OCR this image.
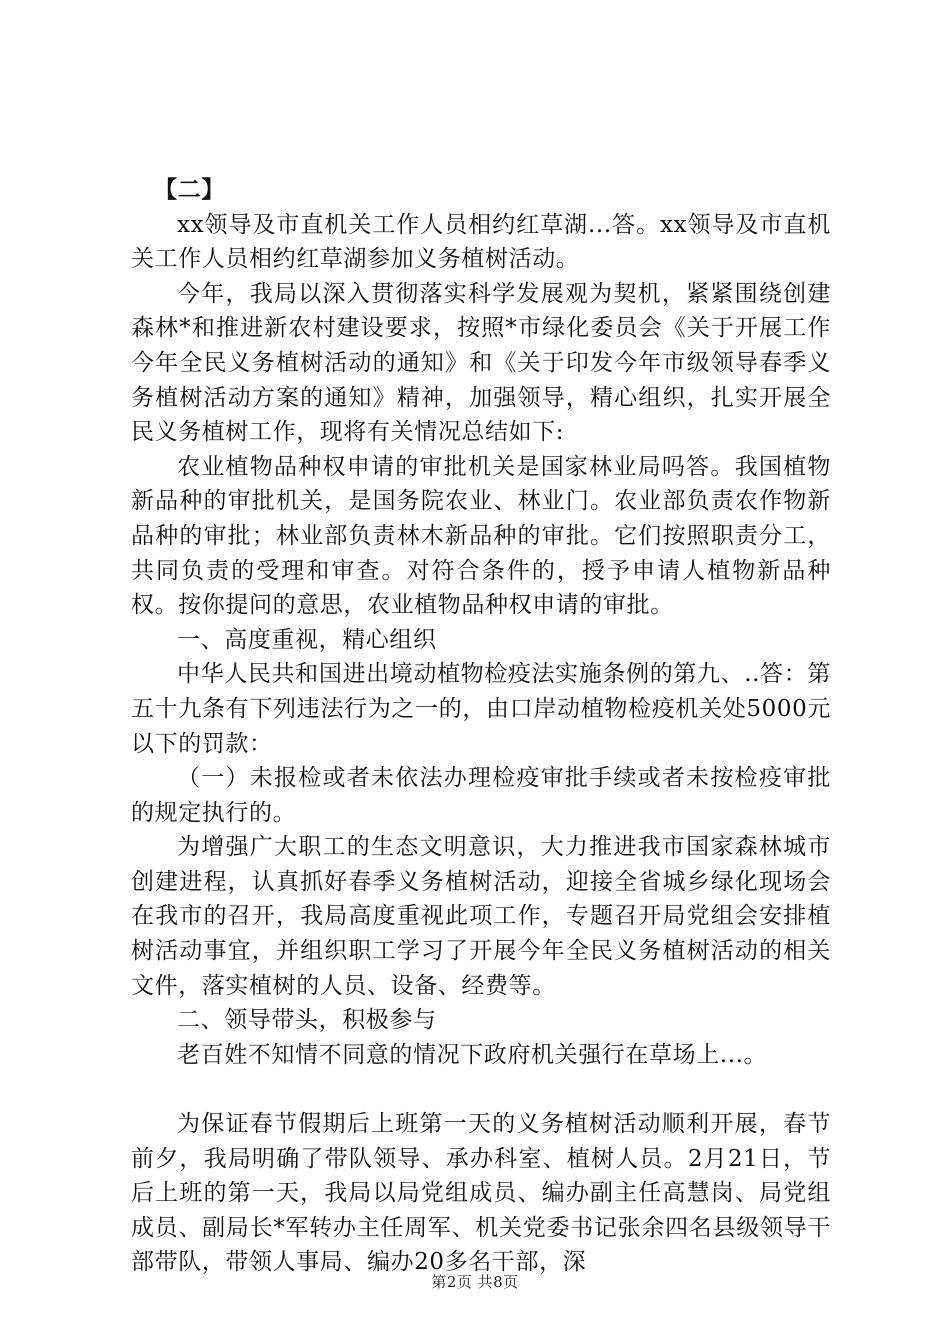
【二】

xx领导及市直机关工作人员相约红草湖...答。xx领导及市直机关工作人员相约红草湖参加义务植树活动。

今年，我局以深入贯彻落实科学发展观为契机，紧紧围绕创建森林*和推进新农村建设要求，按照*市绿化委员会《关于开展工作今年全民义务植树活动的通知》和《关于印发今年市级领导春季义务植树活动方案的通知》精神，加强领导，精心组织，扎实开展全民义务植树工作，现将有关情况总结如下:

农业植物品种权申请的审批机关是国家林业局吗答。我国植物新品种的审批机关，是国务院农业、林业门。农业部负责农作物新品种的审批；林业部负责林木新品种的审批。它们按照职责分工，共同负责的受理和审查。对符合条件的，授予申请人植物新品种权。按你提问的意思，农业植物品种权申请的审批。

一、高度重视，精心组织

中华人民共和国进出境动植物检疫法实施条例的第九、..答：第五十九条有下列违法行为之一的，由口岸动植物检疫机关处5000元以下的罚款：

（一）未报检或者未依法办理检疫审批手续或者未按检疫审批的规定执行的。

为增强广大职工的生态文明意识，大力推进我市国家森林城市创建进程，认真抓好春季义务植树活动，迎接全省城乡绿化现场会在我市的召开，我局高度重视此项工作，专题召开局党组会安排植树活动事宜，并组织职工学习了开展今年全民义务植树活动的相关文件，落实植树的人员、设备、经费等。

二、领导带头，积极参与

老百姓不知情不同意的情况下政府机关强行在草场上...。

为保证春节假期后上班第一天的义务植树活动顺利开展，春节前夕，我局明确了带队领导、承办科室、植树人员。2月21日，节后上班的第一天，我局以局党组成员、编办副主任高慧岗、局党组成员、副局长*军转办主任周军、机关党委书记张余四名县级领导干部带队，带领人事局、编办20多名干部，深

第2页 共8页
